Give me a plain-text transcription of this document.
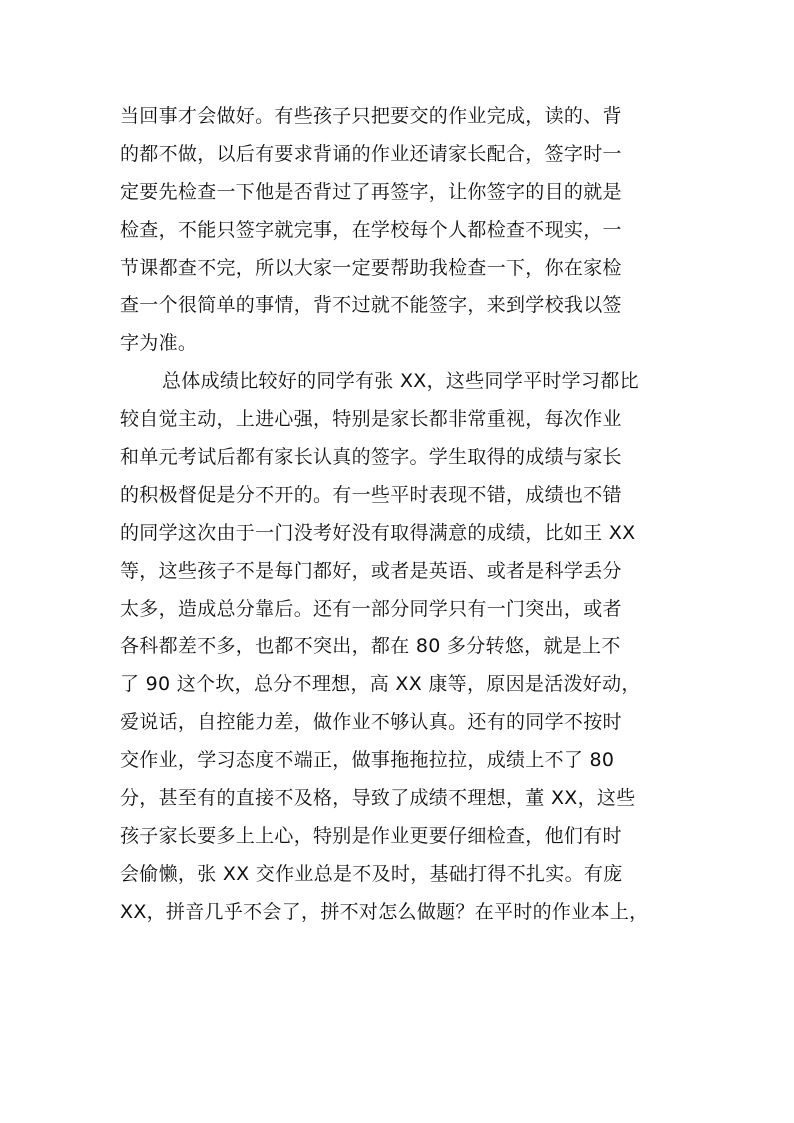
当回事才会做好。有些孩子只把要交的作业完成，读的、背
的都不做，以后有要求背诵的作业还请家长配合，签字时一
定要先检查一下他是否背过了再签字，让你签字的目的就是
检查，不能只签字就完事，在学校每个人都检查不现实，一
节课都查不完，所以大家一定要帮助我检查一下，你在家检
查一个很简单的事情，背不过就不能签字，来到学校我以签
字为准。
总体成绩比较好的同学有张 XX，这些同学平时学习都比
较自觉主动，上进心强，特别是家长都非常重视，每次作业
和单元考试后都有家长认真的签字。学生取得的成绩与家长
的积极督促是分不开的。有一些平时表现不错，成绩也不错
的同学这次由于一门没考好没有取得满意的成绩，比如王 XX
等，这些孩子不是每门都好，或者是英语、或者是科学丢分
太多，造成总分靠后。还有一部分同学只有一门突出，或者
各科都差不多，也都不突出，都在 80 多分转悠，就是上不
了 90 这个坎，总分不理想，高 XX 康等，原因是活泼好动，
爱说话，自控能力差，做作业不够认真。还有的同学不按时
交作业，学习态度不端正，做事拖拖拉拉，成绩上不了 80
分，甚至有的直接不及格，导致了成绩不理想，董 XX，这些
孩子家长要多上上心，特别是作业更要仔细检查，他们有时
会偷懒，张 XX 交作业总是不及时，基础打得不扎实。有庞
XX，拼音几乎不会了，拼不对怎么做题？在平时的作业本上，
